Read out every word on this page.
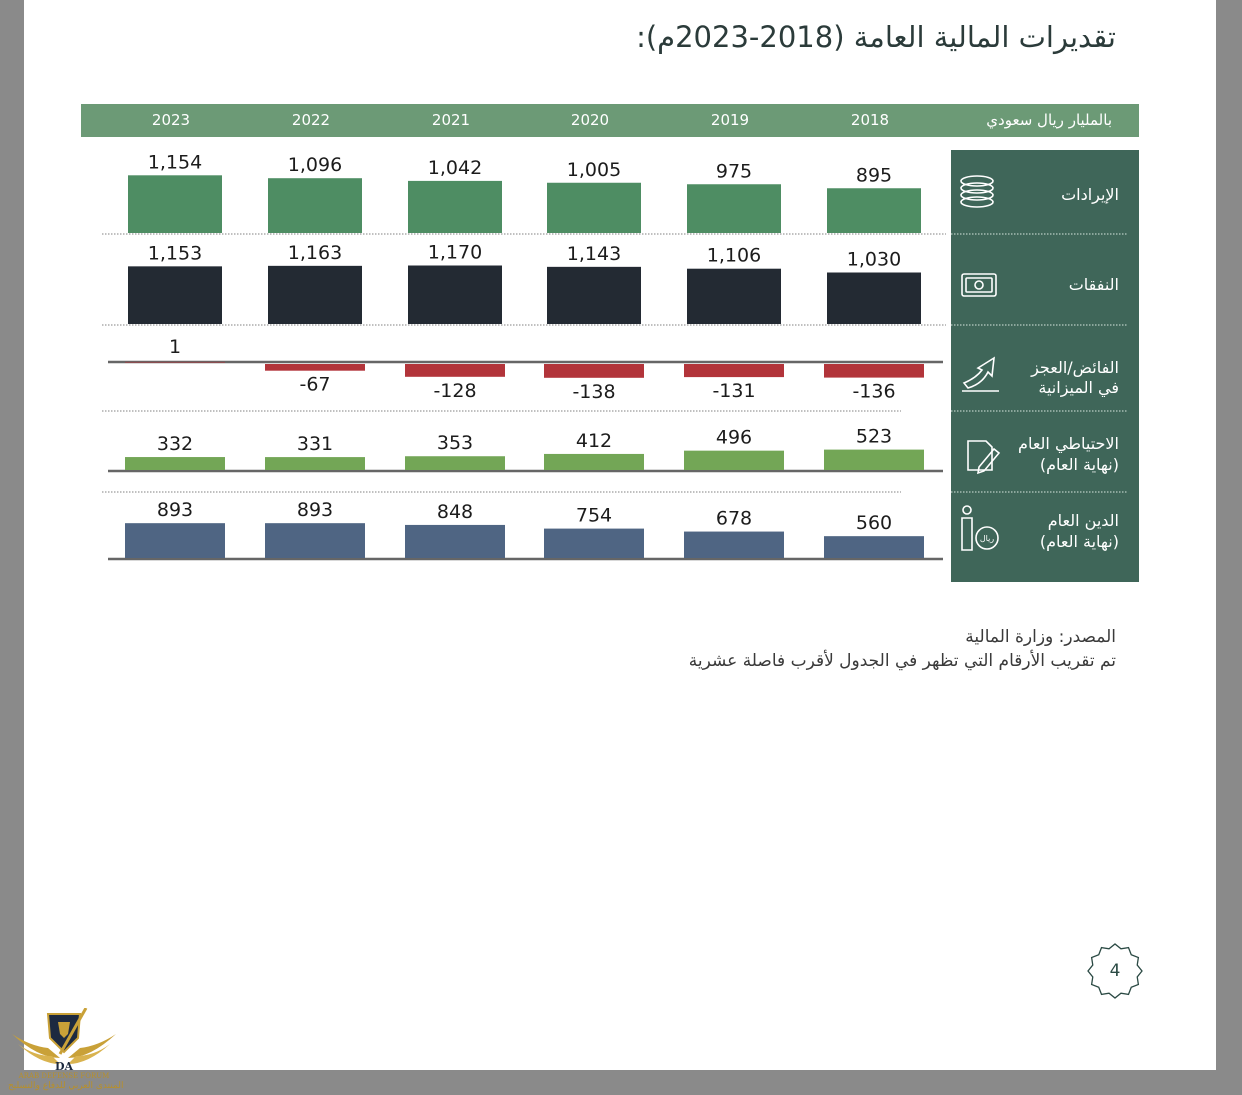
تقديرات المالية العامة (2018-2023م):
بالمليار ريال سعودي
2018
2019
2020
2021
2022
2023
الإيرادات
النفقات
الفائض/العجز
في الميزانية
الاحتياطي العام
(نهاية العام)
الدين العام
(نهاية العام)
ريال
895
975
1,005
1,042
1,096
1,154
1,030
1,106
1,143
1,170
1,163
1,153
-136
-131
-138
-128
-67
1
523
496
412
353
331
332
560
678
754
848
893
893
المصدر: وزارة المالية
تم تقريب الأرقام التي تظهر في الجدول لأقرب فاصلة عشرية
4
DA
ARAB DEFENSE FORUM
المنتدى العربي للدفاع والتسليح
